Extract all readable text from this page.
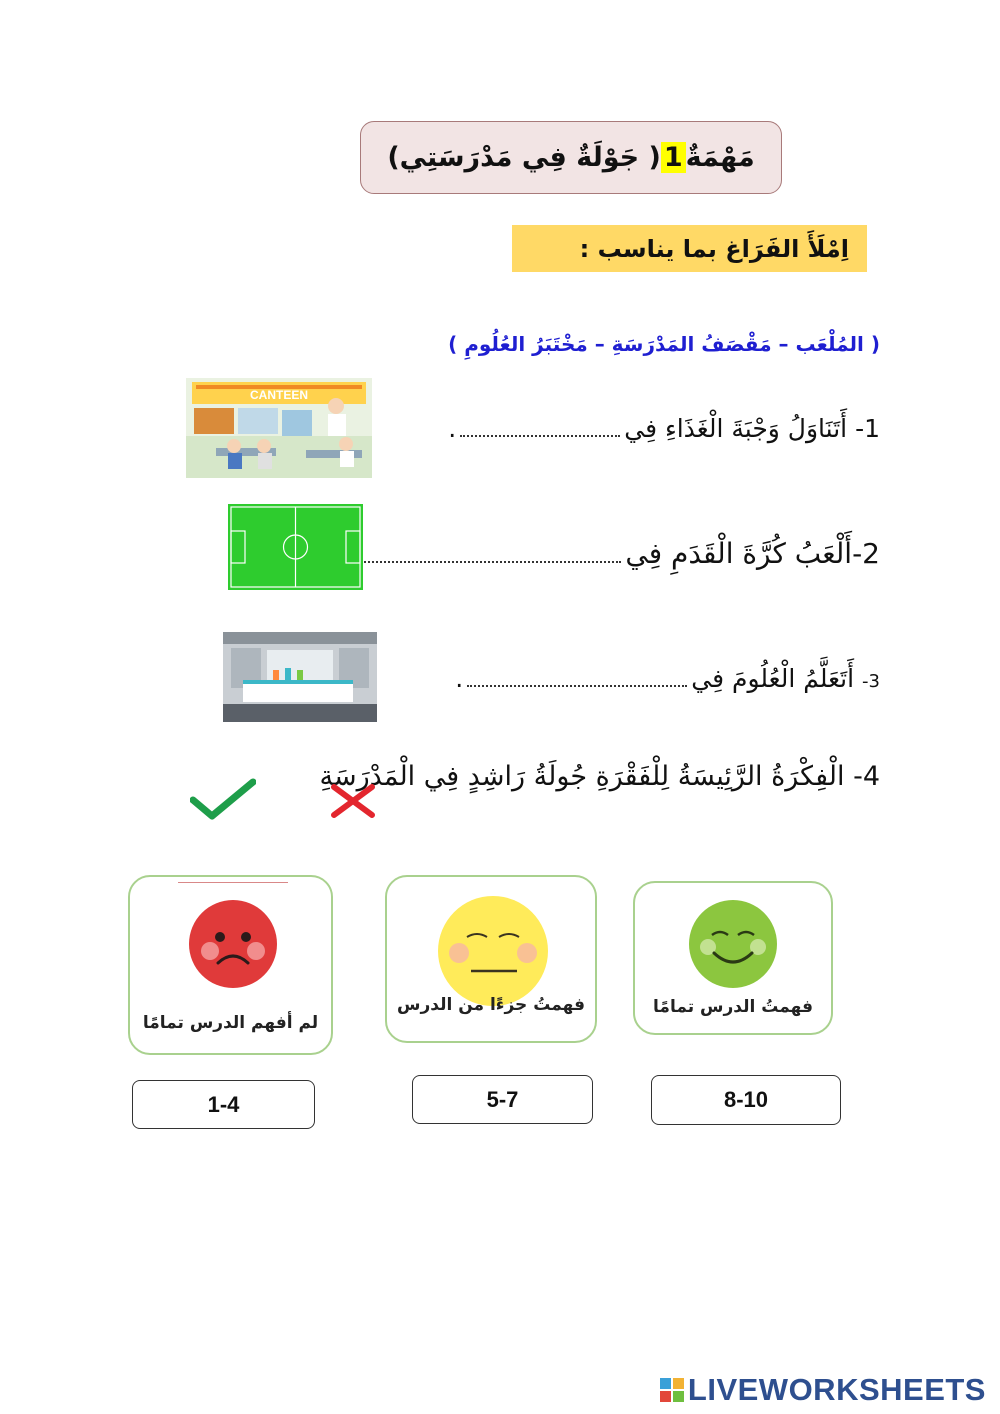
مَهْمَةٌ
1
( جَوْلَةٌ فِي مَدْرَسَتِي)
اِمْلَأَ الفَرَاغ بما يناسب :
( المُلْعَب – مَقْصَفُ المَدْرَسَةِ – مَخْتَبَرُ العُلُومِ )
1- أَتَنَاوَلُ وَجْبَةَ الْغَذَاءِ فِي.
CANTEEN
2-أَلْعَبُ كُرَّةَ الْقَدَمِ فِي
3- أَتَعَلَّمُ الْعُلُومَ فِي.
4- الْفِكْرَةُ الرَّئِيسَةُ لِلْفَقْرَةِ جُولَةُ رَاشِدٍ فِي الْمَدْرَسَةِ
لم أفهم الدرس تمامًا
فهمتُ جزءًا من الدرس	فهمتُ الدرس تمامًا
1-4	5-7	8-10
LIVEWORKSHEETS
